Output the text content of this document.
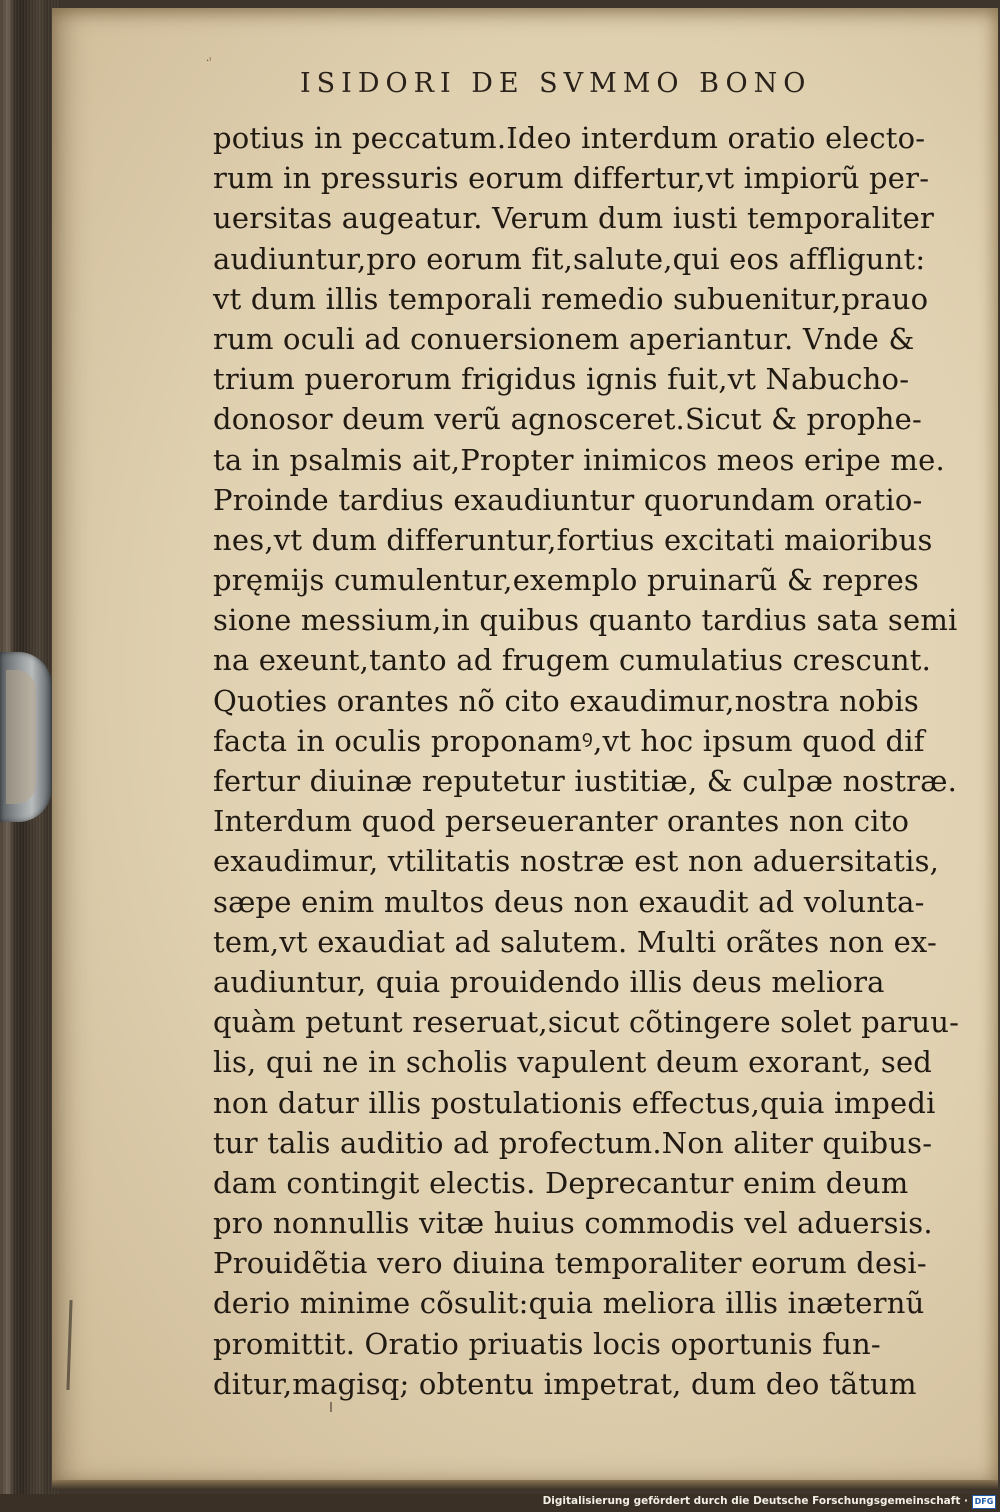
·ᶦ
ISIDORI DE SVMMO BONO
potius in peccatum.Ideo interdum oratio electo-
rum in pressuris eorum differtur,vt impiorũ per-
uersitas augeatur. Verum dum iusti temporaliter
audiuntur,pro eorum fit,salute,qui eos affligunt:
vt dum illis temporali remedio subuenitur,prauo
rum oculi ad conuersionem aperiantur. Vnde &
trium puerorum frigidus ignis fuit,vt Nabucho-
donosor deum verũ agnosceret.Sicut & prophe-
ta in psalmis ait,Propter inimicos meos eripe me.
Proinde tardius exaudiuntur quorundam oratio-
nes,vt dum differuntur,fortius excitati maioribus
pręmijs cumulentur,exemplo pruinarũ & repres
sione messium,in quibus quanto tardius sata semi
na exeunt,tanto ad frugem cumulatius crescunt.
Quoties orantes nõ cito exaudimur,nostra nobis
facta in oculis proponamꝰ,vt hoc ipsum quod dif
fertur diuinæ reputetur iustitiæ, & culpæ nostræ.
Interdum quod perseueranter orantes non cito
exaudimur, vtilitatis nostræ est non aduersitatis,
sæpe enim multos deus non exaudit ad volunta-
tem,vt exaudiat ad salutem. Multi orãtes non ex-
audiuntur, quia prouidendo illis deus meliora
quàm petunt reseruat,sicut cõtingere solet paruu-
lis, qui ne in scholis vapulent deum exorant, sed
non datur illis postulationis effectus,quia impedi
tur talis auditio ad profectum.Non aliter quibus-
dam contingit electis. Deprecantur enim deum
pro nonnullis vitæ huius commodis vel aduersis.
Prouidẽtia vero diuina temporaliter eorum desi-
derio minime cõsulit:quia meliora illis inæternũ
promittit. Oratio priuatis locis oportunis fun-
ditur,magisq; obtentu impetrat, dum deo tãtum
Digitalisierung gefördert durch die Deutsche Forschungsgemeinschaft · DFG
